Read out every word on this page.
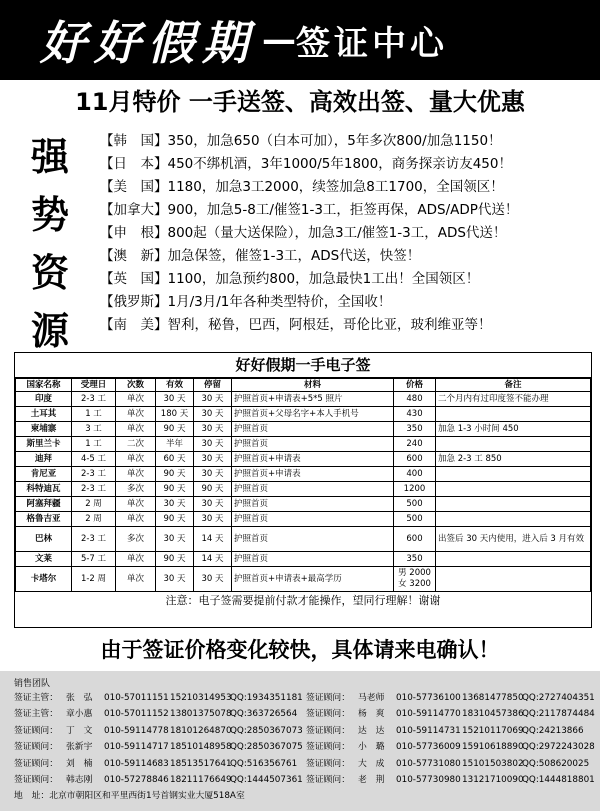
好好假期 — 签证中心
11月特价 一手送签、高效出签、量大优惠
强
势
资
源
【韩　国】350，加急650（白本可加），5年多次800/加急1150！
【日　本】450不绑机酒，3年1000/5年1800，商务探亲访友450！
【美　国】1180，加急3工2000，续签加急8工1700，全国领区！
【加拿大】900，加急5-8工/催签1-3工，拒签再保，ADS/ADP代送！
【申　根】800起（量大送保险），加急3工/催签1-3工，ADS代送！
【澳　新】加急保签，催签1-3工，ADS代送，快签！
【英　国】1100，加急预约800，加急最快1工出！全国领区！
【俄罗斯】1月/3月/1年各种类型特价，全国收！
【南　美】智利，秘鲁，巴西，阿根廷，哥伦比亚，玻利维亚等！
好好假期一手电子签
国家名称	受理日	次数	有效	停留	材料	价格	备注
印度	2-3 工	单次	30 天	30 天	护照首页+申请表+5*5 照片	480	二个月内有过印度签不能办理
土耳其	1 工	单次	180 天	30 天	护照首页+父母名字+本人手机号	430	
柬埔寨	3 工	单次	90 天	30 天	护照首页	350	加急 1-3 小时间 450
斯里兰卡	1 工	二次	半年	30 天	护照首页	240	
迪拜	4-5 工	单次	60 天	30 天	护照首页+申请表	600	加急 2-3 工 850
肯尼亚	2-3 工	单次	90 天	30 天	护照首页+申请表	400	
科特迪瓦	2-3 工	多次	90 天	90 天	护照首页	1200	
阿塞拜疆	2 周	单次	30 天	30 天	护照首页	500	
格鲁吉亚	2 周	单次	90 天	30 天	护照首页	500	
巴林	2-3 工	多次	30 天	14 天	护照首页	600	出签后 30 天内使用，进入后 3 月有效
文莱	5-7 工	单次	90 天	14 天	护照首页	350	
卡塔尔	1-2 周	单次	30 天	30 天	护照首页+申请表+最高学历	男 2000 女 3200	
注意：电子签需要提前付款才能操作，望同行理解！谢谢
由于签证价格变化较快，具体请来电确认！
销售团队
签证主管： 张　弘 010-5701115115210314953QQ:1934351181
签证主管： 章小惠 010-5701115213801375078QQ:363726564
签证顾问： 丁　文 010-5911477818101264870QQ:2850367073
签证顾问： 张新宇 010-5911471718510148958QQ:2850367075
签证顾问： 刘　楠 010-5911468318513517641QQ:516356761
签证顾问： 韩志刚 010-5727884618211176649QQ:1444507361
签证顾问： 马老师 010-5773610013681477850QQ:2727404351
签证顾问： 杨　爽 010-5911477018310457386QQ:2117874484
签证顾问： 达　达 010-5911473115210117069QQ:24213866
签证顾问： 小　璐 010-5773600915910618890QQ:2972243028
签证顾问： 大　成 010-5773108015101503802QQ:508620025
签证顾问： 老　荆 010-5773098013121710090QQ:1444818801
地　址：北京市朝阳区和平里西街1号首钢实业大厦518A室
